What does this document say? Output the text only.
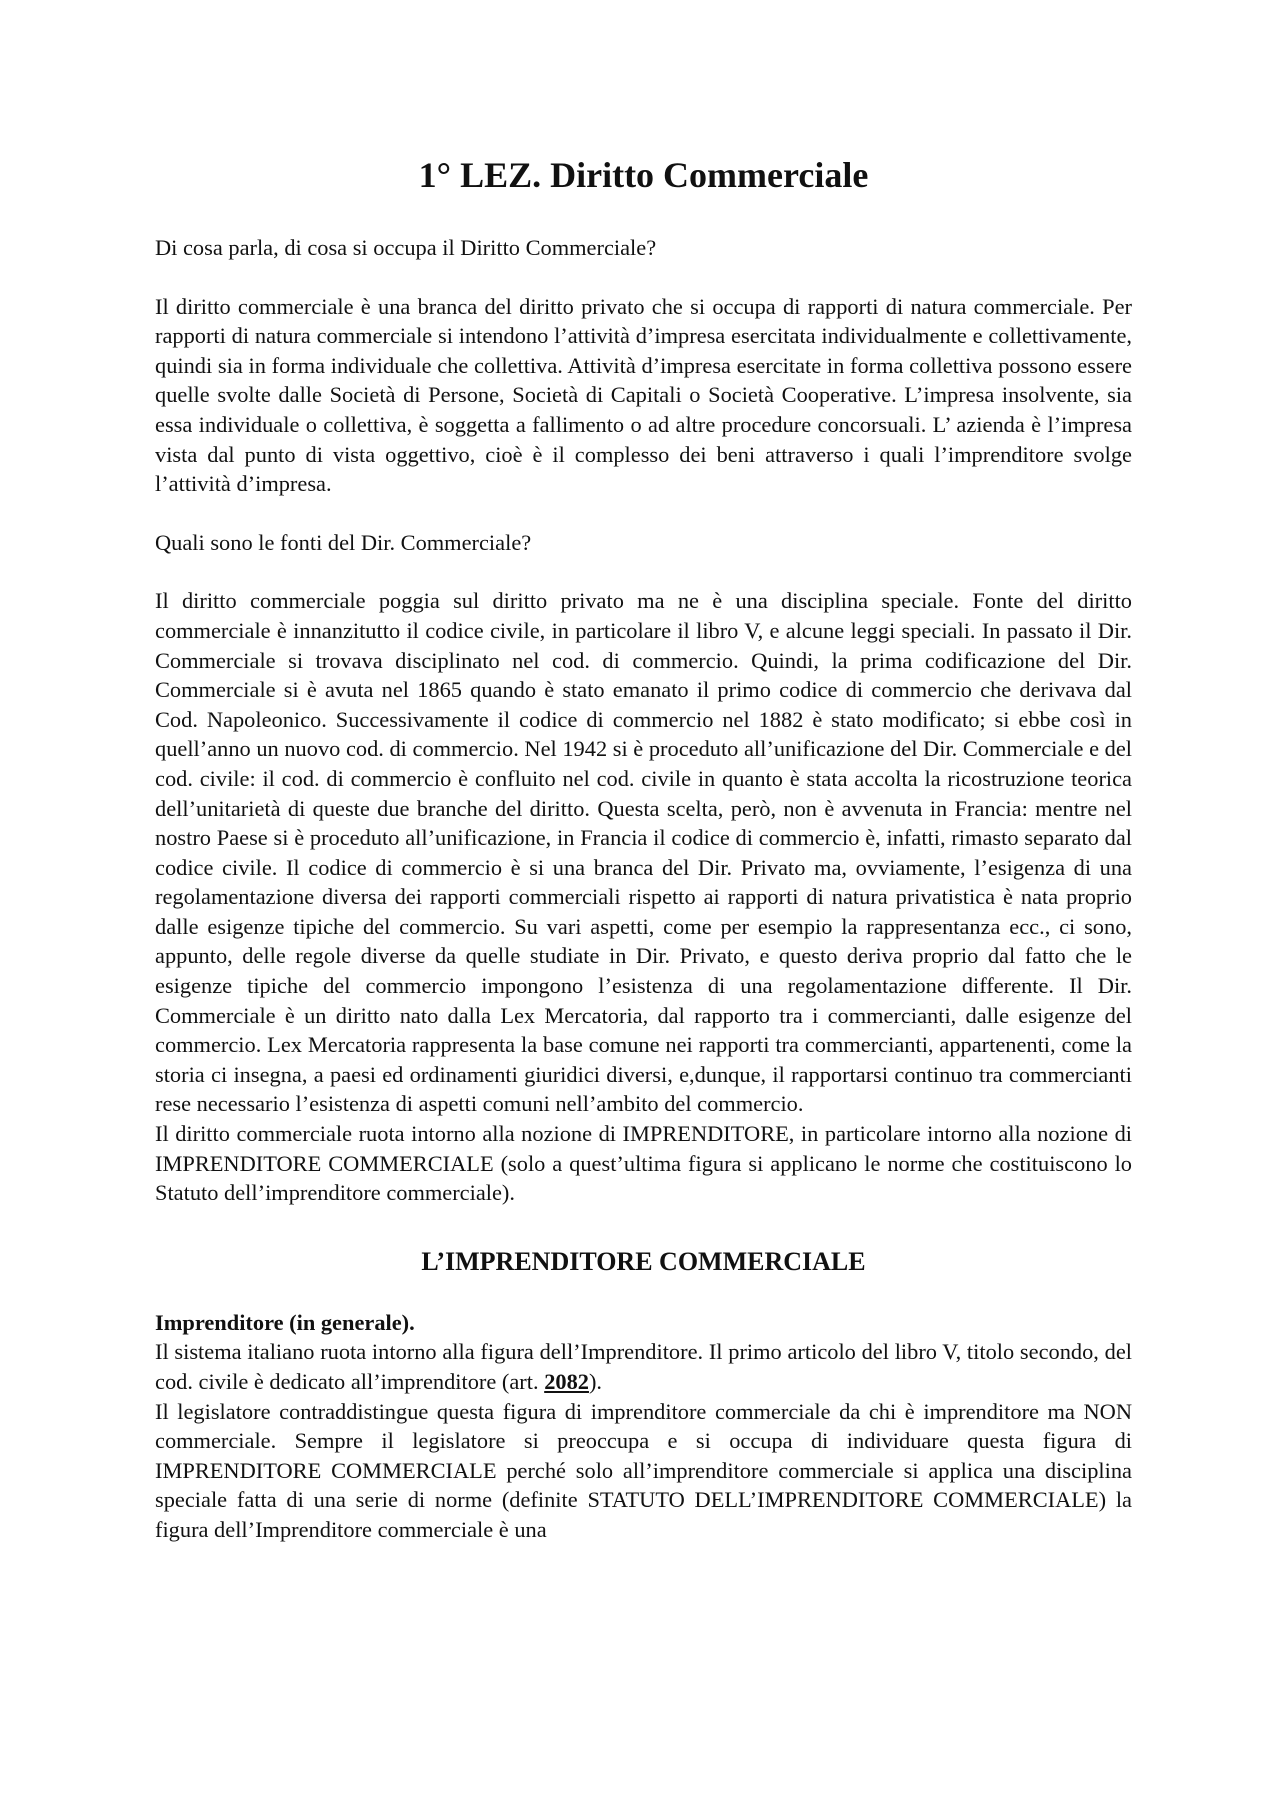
1° LEZ. Diritto Commerciale

Di cosa parla, di cosa si occupa il Diritto Commerciale?

Il diritto commerciale è una branca del diritto privato che si occupa di rapporti di natura commerciale. Per rapporti di natura commerciale si intendono l’attività d’impresa esercitata individualmente e collettivamente, quindi sia in forma individuale che collettiva. Attività d’impresa esercitate in forma collettiva possono essere quelle svolte dalle Società di Persone, Società di Capitali o Società Cooperative. L’impresa insolvente, sia essa individuale o collettiva, è soggetta a fallimento o ad altre procedure concorsuali. L’ azienda è l’impresa vista dal punto di vista oggettivo, cioè è il complesso dei beni attraverso i quali l’imprenditore svolge l’attività d’impresa.

Quali sono le fonti del Dir. Commerciale?

Il diritto commerciale poggia sul diritto privato ma ne è una disciplina speciale. Fonte del diritto commerciale è innanzitutto il codice civile, in particolare il libro V, e alcune leggi speciali. In passato il Dir. Commerciale si trovava disciplinato nel cod. di commercio. Quindi, la prima codificazione del Dir. Commerciale si è avuta nel 1865 quando è stato emanato il primo codice di commercio che derivava dal Cod. Napoleonico. Successivamente il codice di commercio nel 1882 è stato modificato; si ebbe così in quell’anno un nuovo cod. di commercio. Nel 1942 si è proceduto all’unificazione del Dir. Commerciale e del cod. civile: il cod. di commercio è confluito nel cod. civile in quanto è stata accolta la ricostruzione teorica dell’unitarietà di queste due branche del diritto. Questa scelta, però, non è avvenuta in Francia: mentre nel nostro Paese si è proceduto all’unificazione, in Francia il codice di commercio è, infatti, rimasto separato dal codice civile. Il codice di commercio è si una branca del Dir. Privato ma, ovviamente, l’esigenza di una regolamentazione diversa dei rapporti commerciali rispetto ai rapporti di natura privatistica è nata proprio dalle esigenze tipiche del commercio. Su vari aspetti, come per esempio la rappresentanza ecc., ci sono, appunto, delle regole diverse da quelle studiate in Dir. Privato, e questo deriva proprio dal fatto che le esigenze tipiche del commercio impongono l’esistenza di una regolamentazione differente. Il Dir. Commerciale è un diritto nato dalla Lex Mercatoria, dal rapporto tra i commercianti, dalle esigenze del commercio. Lex Mercatoria rappresenta la base comune nei rapporti tra commercianti, appartenenti, come la storia ci insegna, a paesi ed ordinamenti giuridici diversi, e,dunque, il rapportarsi continuo tra commercianti rese necessario l’esistenza di aspetti comuni nell’ambito del commercio.

Il diritto commerciale ruota intorno alla nozione di IMPRENDITORE, in particolare intorno alla nozione di IMPRENDITORE COMMERCIALE (solo a quest’ultima figura si applicano le norme che costituiscono lo Statuto dell’imprenditore commerciale).

L’IMPRENDITORE COMMERCIALE

Imprenditore (in generale).

Il sistema italiano ruota intorno alla figura dell’Imprenditore. Il primo articolo del libro V, titolo secondo, del cod. civile è dedicato all’imprenditore (art. 2082).

Il legislatore contraddistingue questa figura di imprenditore commerciale da chi è imprenditore ma NON commerciale. Sempre il legislatore si preoccupa e si occupa di individuare questa figura di IMPRENDITORE COMMERCIALE perché solo all’imprenditore commerciale si applica una disciplina speciale fatta di una serie di norme (definite STATUTO DELL’IMPRENDITORE COMMERCIALE) la figura dell’Imprenditore commerciale è una
